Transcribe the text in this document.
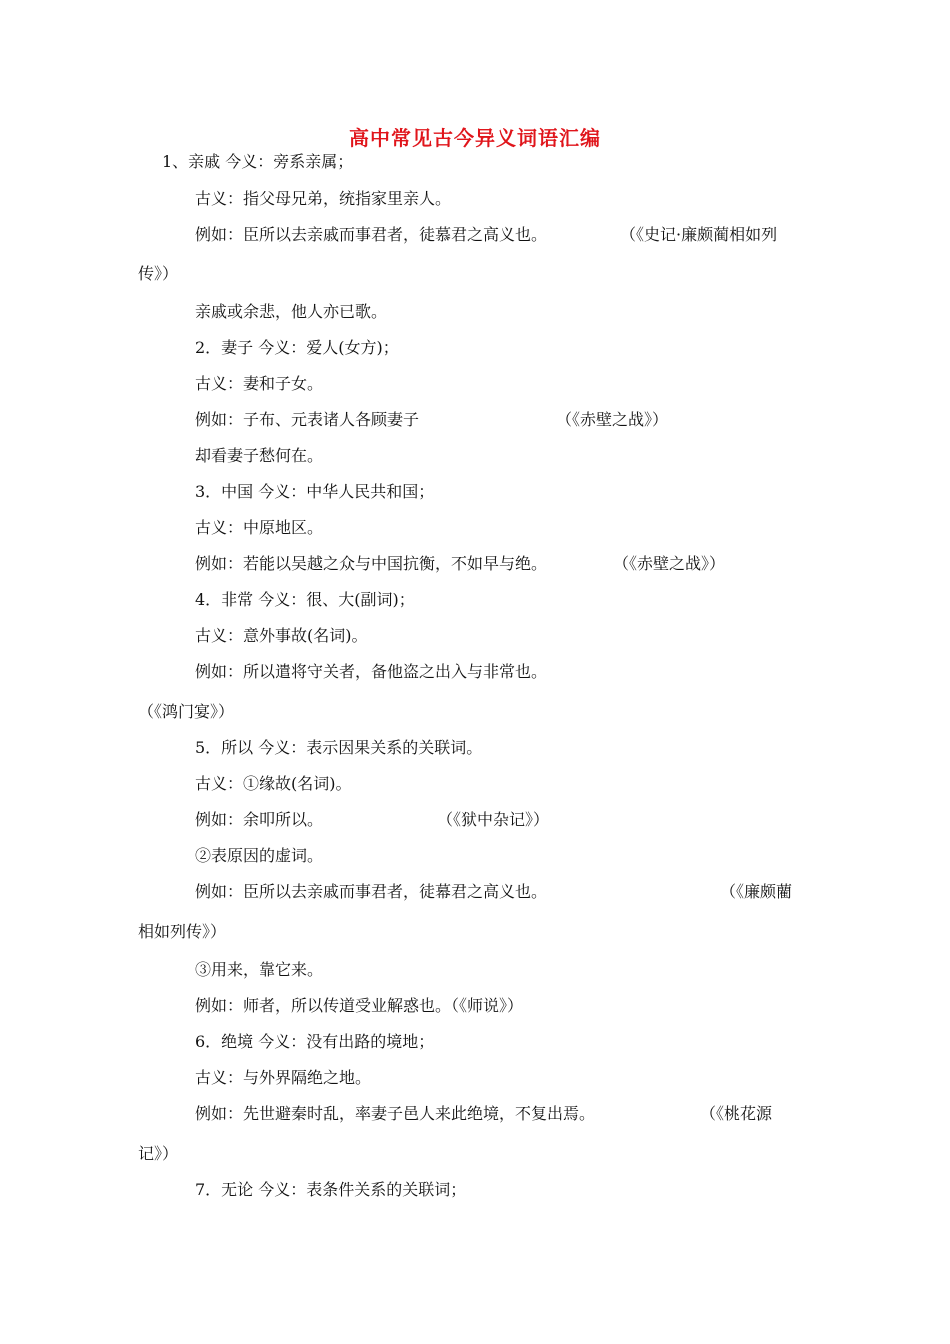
高中常见古今异义词语汇编
1、亲戚 今义：旁系亲属；
古义：指父母兄弟，统指家里亲人。
例如：臣所以去亲戚而事君者，徒慕君之高义也。	（《史记·廉颇蔺相如列
传》）
亲戚或余悲，他人亦已歌。
2．妻子 今义：爱人(女方)；
古义：妻和子女。
例如：子布、元表诸人各顾妻子	（《赤壁之战》）
却看妻子愁何在。
3．中国 今义：中华人民共和国；
古义：中原地区。
例如：若能以吴越之众与中国抗衡，不如早与绝。	（《赤壁之战》）
4．非常 今义：很、大(副词)；
古义：意外事故(名词)。
例如：所以遣将守关者，备他盗之出入与非常也。
（《鸿门宴》）
5．所以 今义：表示因果关系的关联词。
古义：①缘故(名词)。
例如：余叩所以。	（《狱中杂记》）
②表原因的虚词。
例如：臣所以去亲戚而事君者，徒幕君之高义也。	（《廉颇藺
相如列传》）
③用来，靠它来。
例如：师者，所以传道受业解惑也。（《师说》）
6．绝境 今义：没有出路的境地；
古义：与外界隔绝之地。
例如：先世避秦时乱，率妻子邑人来此绝境，不复出焉。	（《桃花源
记》）
7．无论 今义：表条件关系的关联词；
